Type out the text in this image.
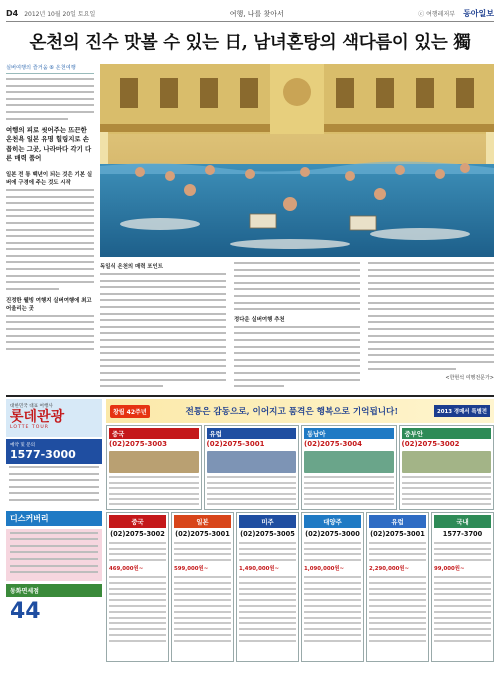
D4 2012년 10월 20일 토요일	여행, 나를 찾아서	ⓒ 여행레저부 동아일보
온천의 진수 맛볼 수 있는 日, 남녀혼탕의 색다름이 있는 獨
실버여행의 즐거움 ⑥ 온천여행
여행의 피로 씻어주는 뜨끈한 온천욕 일본 유명 힐링지로 손꼽히는 그곳, 나라마다 각기 다른 매력 품어
일본 전 통 백년이 되는 것은 기본 실버에 구경에 주는 것도 시작
진정한 웰빙 여행지 실버여행에 최고 어울리는 곳
독일식 온천의 매력 포인트
정다운 실버여행 추천
<한현석 여행전문가>
대한민국 대표 여행사
롯데관광
LOTTE TOUR
예약 및 문의
1577-3000
디스커버리
동화면세점
44
창립 42주년	전통은 감동으로, 이어지고 품격은 행복으로 기억됩니다!	2013 경매서 특별전
중국
(02)2075-3003
유럽
(02)2075-3001
동남아
(02)2075-3004
중부안
(02)2075-3002
중국
(02)2075-3002
469,000원~
일본
(02)2075-3001
599,000원~
미주
(02)2075-3005
1,490,000원~
대양주
(02)2075-3000
1,090,000원~
유럽
(02)2075-3001
2,290,000원~
국내
1577-3700
99,000원~
